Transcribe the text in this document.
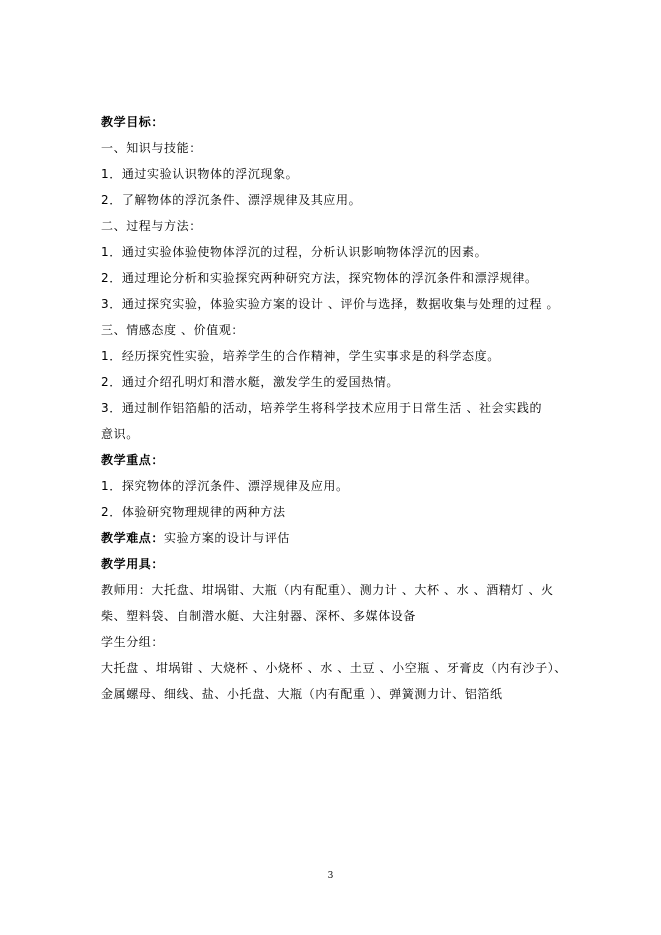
教学目标：
一、知识与技能：
1．通过实验认识物体的浮沉现象。
2．了解物体的浮沉条件、漂浮规律及其应用。
二、过程与方法：
1．通过实验体验使物体浮沉的过程，分析认识影响物体浮沉的因素。
2．通过理论分析和实验探究两种研究方法，探究物体的浮沉条件和漂浮规律。
3．通过探究实验，体验实验方案的设计 、评价与选择，数据收集与处理的过程 。
三、情感态度 、价值观：
1．经历探究性实验，培养学生的合作精神，学生实事求是的科学态度。
2．通过介绍孔明灯和潜水艇，激发学生的爱国热情。
3．通过制作铝箔船的活动，培养学生将科学技术应用于日常生活 、社会实践的
意识。
教学重点：
1．探究物体的浮沉条件、漂浮规律及应用。
2．体验研究物理规律的两种方法
教学难点：实验方案的设计与评估
教学用具：
教师用：大托盘、坩埚钳、大瓶（内有配重）、测力计 、大杯 、水 、酒精灯 、火
柴、塑料袋、自制潜水艇、大注射器、深杯、多媒体设备
学生分组：
大托盘 、坩埚钳 、大烧杯 、小烧杯 、水 、土豆 、小空瓶 、牙膏皮（内有沙子）、
金属螺母、细线、盐、小托盘、大瓶（内有配重 ）、弹簧测力计、铝箔纸
3
